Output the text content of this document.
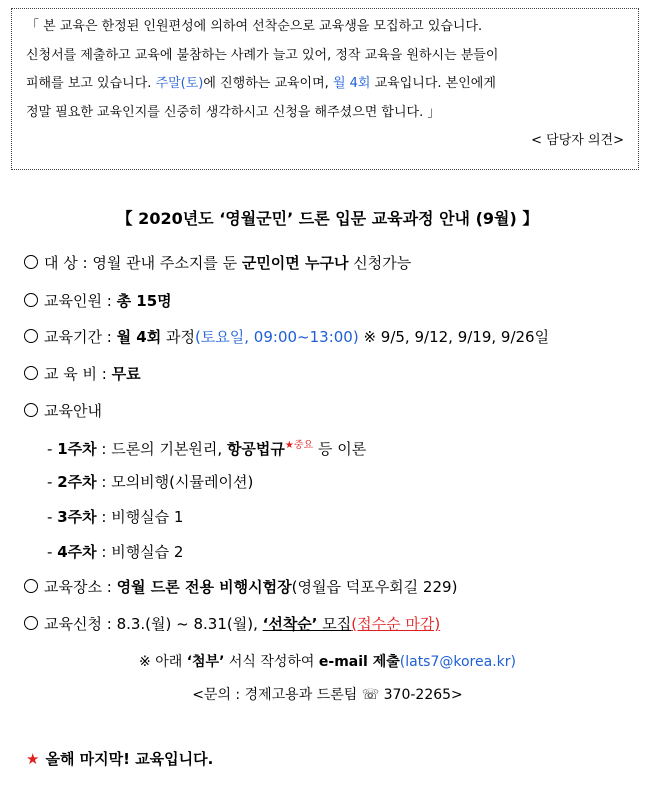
「 본 교육은 한정된 인원편성에 의하여 선착순으로 교육생을 모집하고 있습니다.
신청서를 제출하고 교육에 불참하는 사례가 늘고 있어, 정작 교육을 원하시는 분들이
피해를 보고 있습니다. 주말(토)에 진행하는 교육이며, 월 4회 교육입니다. 본인에게
정말 필요한 교육인지를 신중히 생각하시고 신청을 해주셨으면 합니다. 」
< 담당자 의견>
【 2020년도 ‘영월군민’ 드론 입문 교육과정 안내 (9월) 】
대 상 : 영월 관내 주소지를 둔 군민이면 누구나 신청가능
교육인원 : 총 15명
교육기간 : 월 4회 과정(토요일, 09:00~13:00) ※ 9/5, 9/12, 9/19, 9/26일
교 육 비 : 무료
교육안내
- 1주차 : 드론의 기본원리, 항공법규$^{★중요}$ 등 이론
- 2주차 : 모의비행(시뮬레이션)
- 3주차 : 비행실습 1
- 4주차 : 비행실습 2
교육장소 : 영월 드론 전용 비행시험장(영월읍 덕포우회길 229)
교육신청 : 8.3.(월) ~ 8.31(월), ‘선착순’ 모집(접수순 마감)
※ 아래 ‘첨부’ 서식 작성하여 e-mail 제출(lats7@korea.kr)
<문의 : 경제고용과 드론팀 ☏ 370-2265>
★ 올해 마지막! 교육입니다.
